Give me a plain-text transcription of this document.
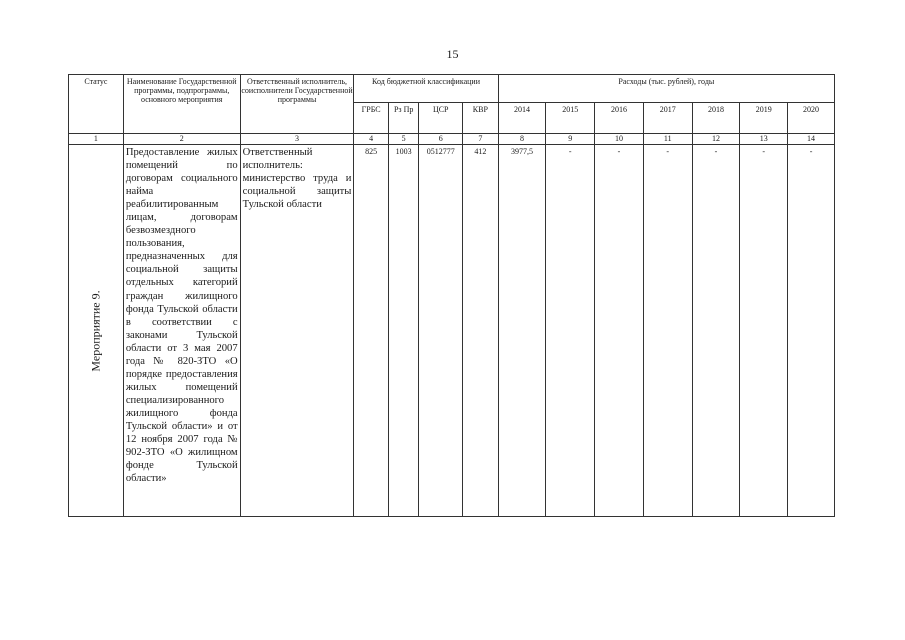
15
Статус	Наименование Государственной программы, подпрограммы, основного мероприятия	Ответственный исполнитель, соисполнители Государственной программы	Код бюджетной классификации				Расходы (тыс. рублей), годы						
			ГРБС	Рз Пр	ЦСР	КВР	2014	2015	2016	2017	2018	2019	2020
1	2	3	4	5	6	7	8	9	10	11	12	13	14

Мероприятие 9.	Предоставление жилых помещений по договорам социального найма реабилитированным лицам, договорам безвозмездного пользования, предназначенных для социальной защиты отдельных категорий граждан жилищного фонда Тульской области в соответствии с законами Тульской области от 3 мая 2007 года № 820-ЗТО «О порядке предоставления жилых помещений специализированного жилищного фонда Тульской области» и от 12 ноября 2007 года № 902-ЗТО «О жилищном фонде Тульской области»	Ответственный исполнитель: министерство труда и социальной защиты Тульской области	825	1003	0512777	412	3977,5	-	-	-	-	-	-
